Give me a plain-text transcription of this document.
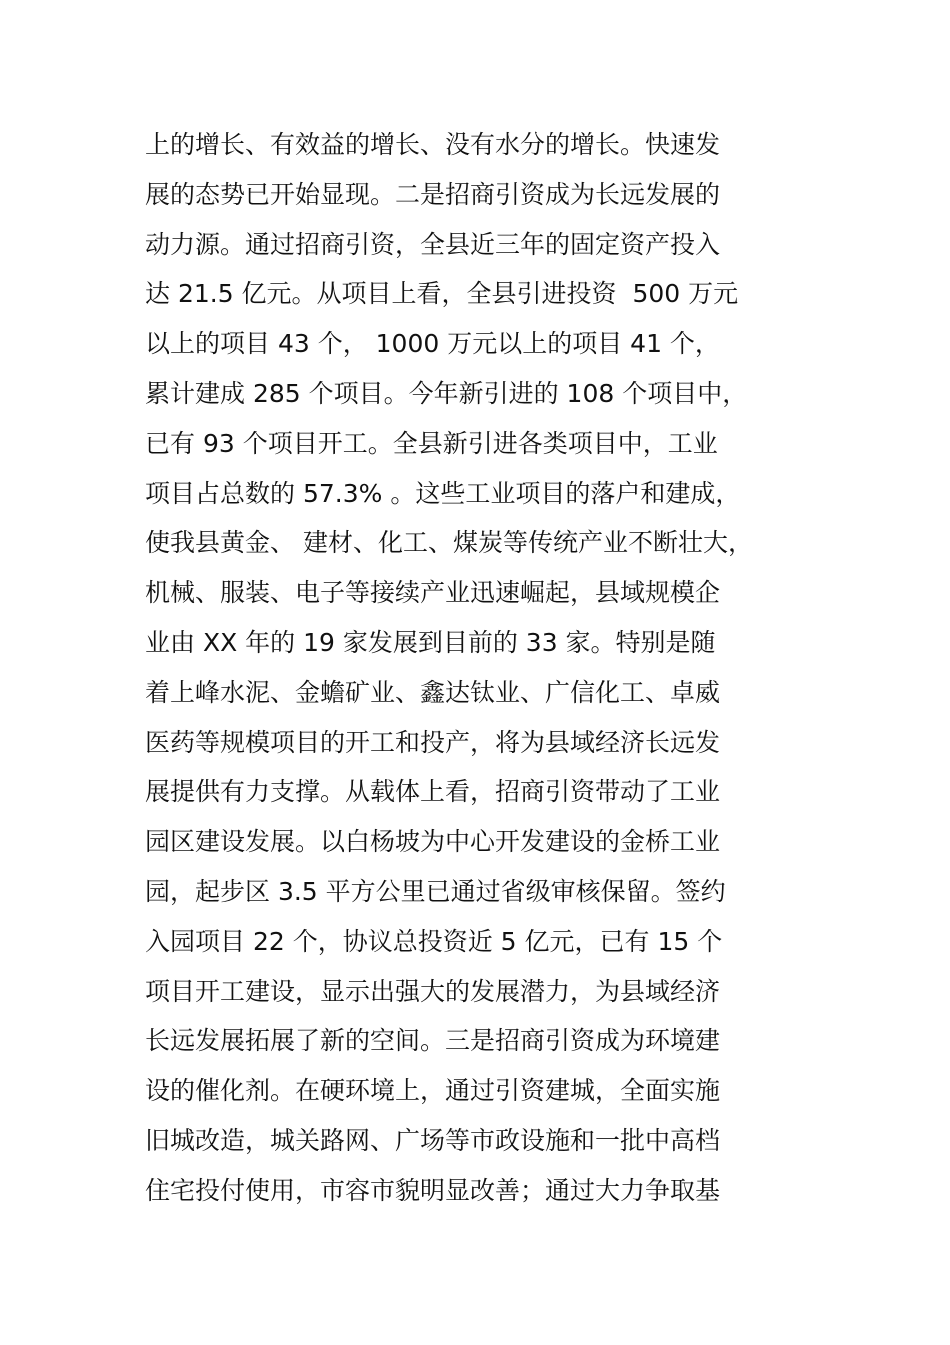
上的增长、有效益的增长、没有水分的增长。快速发
展的态势已开始显现。二是招商引资成为长远发展的
动力源。通过招商引资，全县近三年的固定资产投入
达 21.5 亿元。从项目上看，全县引进投资  500 万元
以上的项目 43 个， 1000 万元以上的项目 41 个，
累计建成 285 个项目。今年新引进的 108 个项目中，
已有 93 个项目开工。全县新引进各类项目中，工业
项目占总数的 57.3% 。这些工业项目的落户和建成，
使我县黄金、 建材、化工、煤炭等传统产业不断壮大，
机械、服装、电子等接续产业迅速崛起，县域规模企
业由 XX 年的 19 家发展到目前的 33 家。特别是随
着上峰水泥、金蟾矿业、鑫达钛业、广信化工、卓威
医药等规模项目的开工和投产，将为县域经济长远发
展提供有力支撑。从载体上看，招商引资带动了工业
园区建设发展。以白杨坡为中心开发建设的金桥工业
园，起步区 3.5 平方公里已通过省级审核保留。签约
入园项目 22 个，协议总投资近 5 亿元，已有 15 个
项目开工建设，显示出强大的发展潜力，为县域经济
长远发展拓展了新的空间。三是招商引资成为环境建
设的催化剂。在硬环境上，通过引资建城，全面实施
旧城改造，城关路网、广场等市政设施和一批中高档
住宅投付使用，市容市貌明显改善；通过大力争取基
